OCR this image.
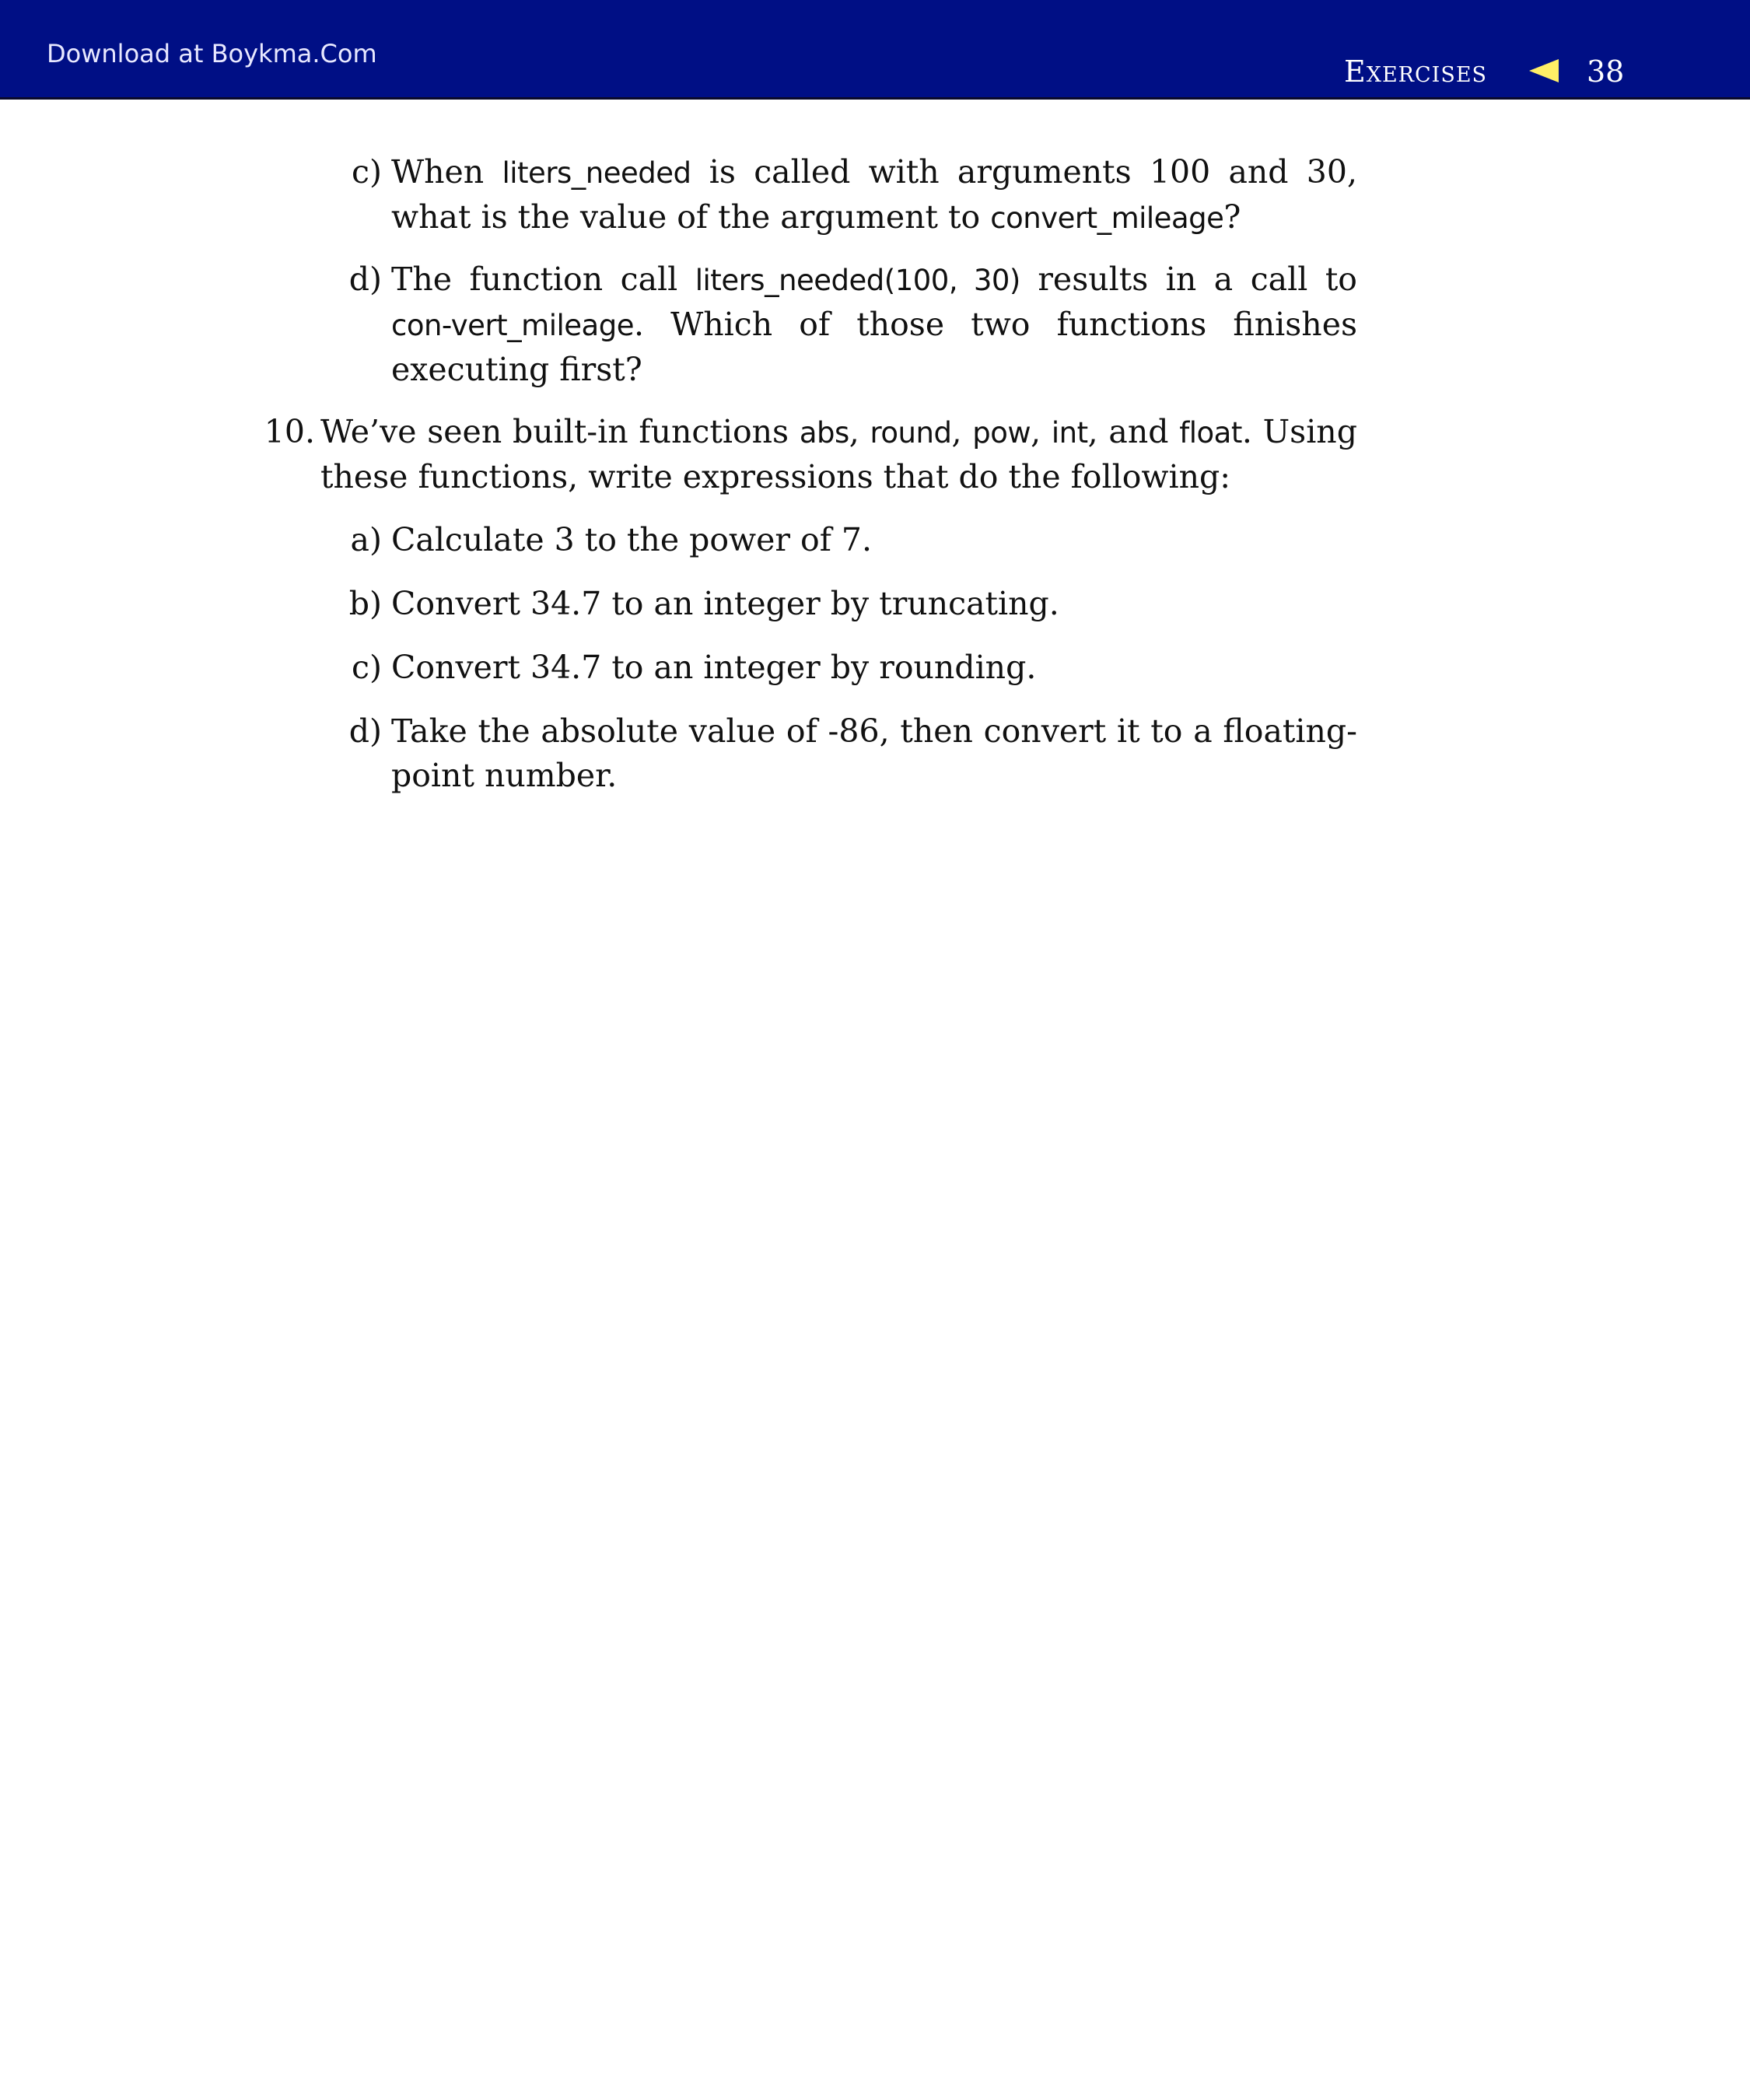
Download at Boykma.Com
Exercises	38
c) When liters_needed is called with arguments 100 and 30, what is the value of the argument to convert_mileage?
d) The function call liters_needed(100, 30) results in a call to con-vert_mileage. Which of those two functions finishes executing first?
10. We’ve seen built-in functions abs, round, pow, int, and float. Using these functions, write expressions that do the following:
a) Calculate 3 to the power of 7.
b) Convert 34.7 to an integer by truncating.
c) Convert 34.7 to an integer by rounding.
d) Take the absolute value of -86, then convert it to a floating-point number.
